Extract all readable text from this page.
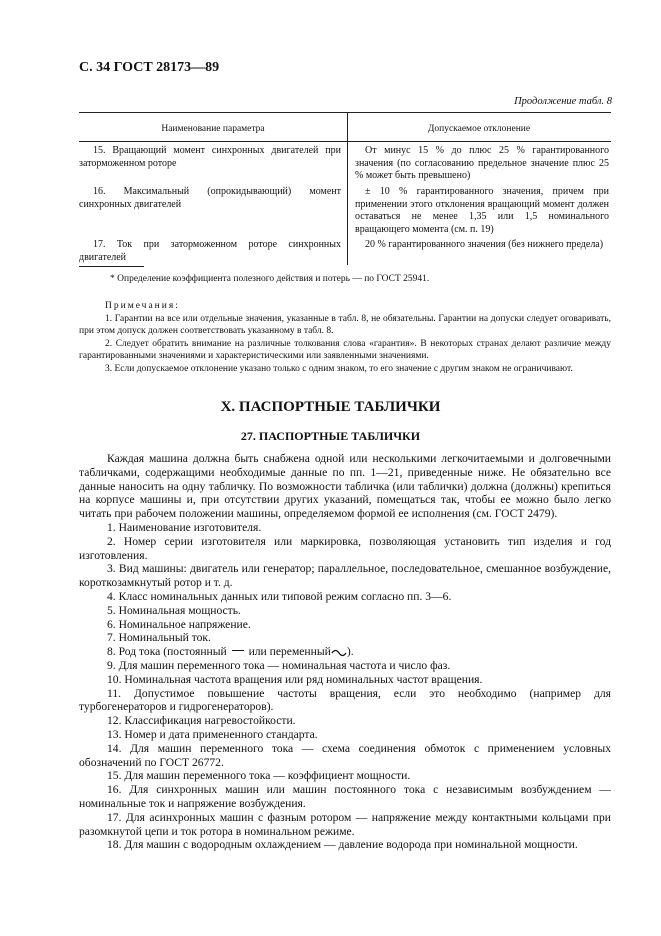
С. 34 ГОСТ 28173—89
Продолжение табл. 8
Наименование параметра	Допускаемое отклонение
15. Вращающий момент синхронных двигателей при заторможенном роторе
От минус 15 % до плюс 25 % гарантированного значения (по согласованию предельное значение плюс 25 % может быть превышено)
16. Максимальный (опрокидывающий) момент синхронных двигателей
± 10 % гарантированного значения, причем при применении этого отклонения вращающий момент должен оставаться не менее 1,35 или 1,5 номинального вращающего момента (см. п. 19)
17. Ток при заторможенном роторе синхронных двигателей
20 % гарантированного значения (без нижнего предела)
* Определение коэффициента полезного действия и потерь — по ГОСТ 25941.

Примечания:

1. Гарантии на все или отдельные значения, указанные в табл. 8, не обязательны. Гарантии на допуски следует оговаривать, при этом допуск должен соответствовать указанному в табл. 8.

2. Следует обратить внимание на различные толкования слова «гарантия». В некоторых странах делают различие между гарантированными значениями и характеристическими или заявленными значениями.

3. Если допускаемое отклонение указано только с одним знаком, то его значение с другим знаком не ограничивают.

X. ПАСПОРТНЫЕ ТАБЛИЧКИ
27. ПАСПОРТНЫЕ ТАБЛИЧКИ

Каждая машина должна быть снабжена одной или несколькими легкочитаемыми и долговечными табличками, содержащими необходимые данные по пп. 1—21, приведенные ниже. Не обязательно все данные наносить на одну табличку. По возможности табличка (или таблички) должна (должны) крепиться на корпусе машины и, при отсутствии других указаний, помещаться так, чтобы ее можно было легко читать при рабочем положении машины, определяемом формой ее исполнения (см. ГОСТ 2479).

1. Наименование изготовителя.

2. Номер серии изготовителя или маркировка, позволяющая установить тип изделия и год изготовления.

3. Вид машины: двигатель или генератор; параллельное, последовательное, смешанное возбуждение, короткозамкнутый ротор и т. д.

4. Класс номинальных данных или типовой режим согласно пп. 3—6.

5. Номинальная мощность.

6. Номинальное напряжение.

7. Номинальный ток.

8. Род тока (постоянный или переменный ).

9. Для машин переменного тока — номинальная частота и число фаз.

10. Номинальная частота вращения или ряд номинальных частот вращения.

11. Допустимое повышение частоты вращения, если это необходимо (например для турбогенераторов и гидрогенераторов).

12. Классификация нагревостойкости.

13. Номер и дата примененного стандарта.

14. Для машин переменного тока — схема соединения обмоток с применением условных обозначений по ГОСТ 26772.

15. Для машин переменного тока — коэффициент мощности.

16. Для синхронных машин или машин постоянного тока с независимым возбуждением — номинальные ток и напряжение возбуждения.

17. Для асинхронных машин с фазным ротором — напряжение между контактными кольцами при разомкнутой цепи и ток ротора в номинальном режиме.

18. Для машин с водородным охлаждением — давление водорода при номинальной мощности.
